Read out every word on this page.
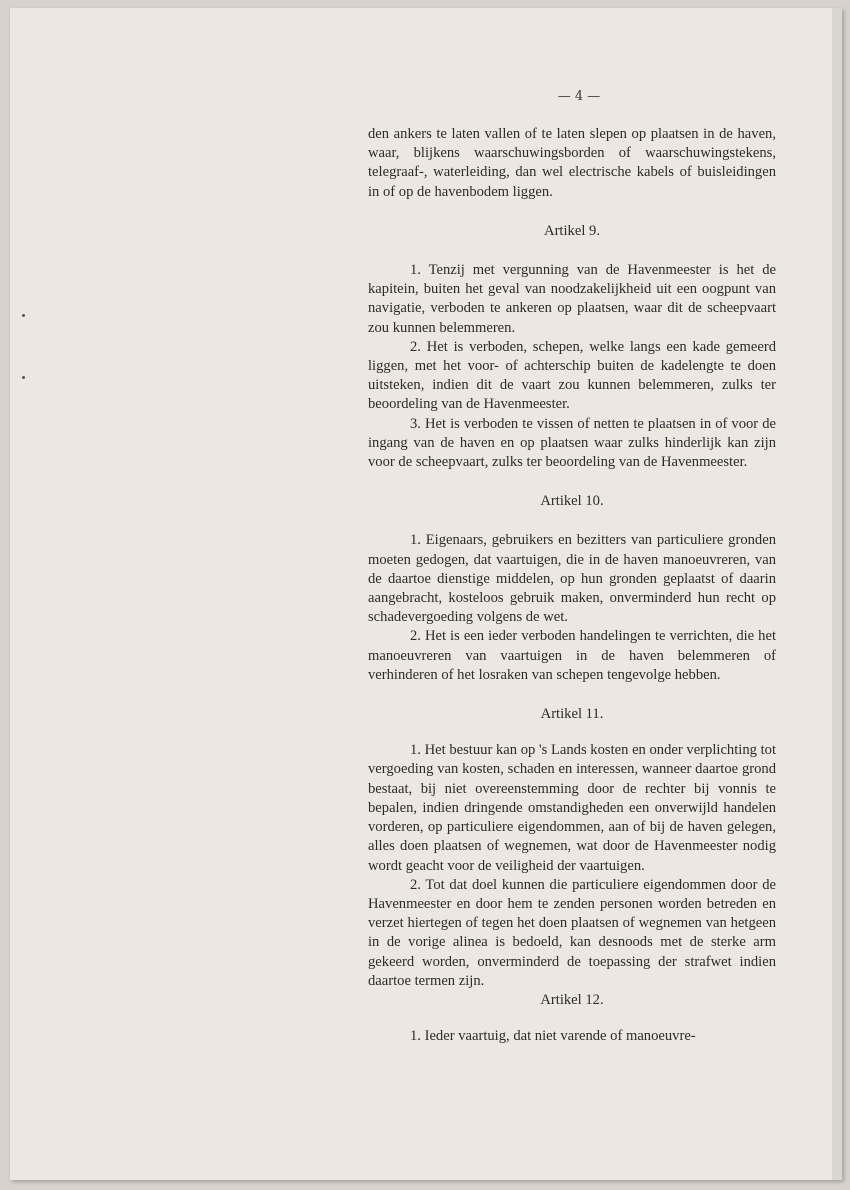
— 4 —

den ankers te laten vallen of te laten slepen op plaatsen in de haven, waar, blijkens waarschuwingsborden of waarschuwingstekens, telegraaf-, waterleiding, dan wel electrische kabels of buisleidingen in of op de havenbodem liggen.

Artikel 9.

1. Tenzij met vergunning van de Havenmeester is het de kapitein, buiten het geval van noodzakelijkheid uit een oogpunt van navigatie, verboden te ankeren op plaatsen, waar dit de scheepvaart zou kunnen belemmeren.

2. Het is verboden, schepen, welke langs een kade gemeerd liggen, met het voor- of achterschip buiten de kadelengte te doen uitsteken, indien dit de vaart zou kunnen belemmeren, zulks ter beoordeling van de Havenmeester.

3. Het is verboden te vissen of netten te plaatsen in of voor de ingang van de haven en op plaatsen waar zulks hinderlijk kan zijn voor de scheepvaart, zulks ter beoordeling van de Havenmeester.

Artikel 10.

1. Eigenaars, gebruikers en bezitters van particuliere gronden moeten gedogen, dat vaartuigen, die in de haven manoeuvreren, van de daartoe dienstige middelen, op hun gronden geplaatst of daarin aangebracht, kosteloos gebruik maken, onverminderd hun recht op schadevergoeding volgens de wet.

2. Het is een ieder verboden handelingen te verrichten, die het manoeuvreren van vaartuigen in de haven belemmeren of verhinderen of het losraken van schepen tengevolge hebben.

Artikel 11.

1. Het bestuur kan op 's Lands kosten en onder verplichting tot vergoeding van kosten, schaden en interessen, wanneer daartoe grond bestaat, bij niet overeenstemming door de rechter bij vonnis te bepalen, indien dringende omstandigheden een onverwijld handelen vorderen, op particuliere eigendommen, aan of bij de haven gelegen, alles doen plaatsen of wegnemen, wat door de Havenmeester nodig wordt geacht voor de veiligheid der vaartuigen.

2. Tot dat doel kunnen die particuliere eigendommen door de Havenmeester en door hem te zenden personen worden betreden en verzet hiertegen of tegen het doen plaatsen of wegnemen van hetgeen in de vorige alinea is bedoeld, kan desnoods met de sterke arm gekeerd worden, onverminderd de toepassing der strafwet indien daartoe termen zijn.

Artikel 12.

1. Ieder vaartuig, dat niet varende of manoeuvre-
